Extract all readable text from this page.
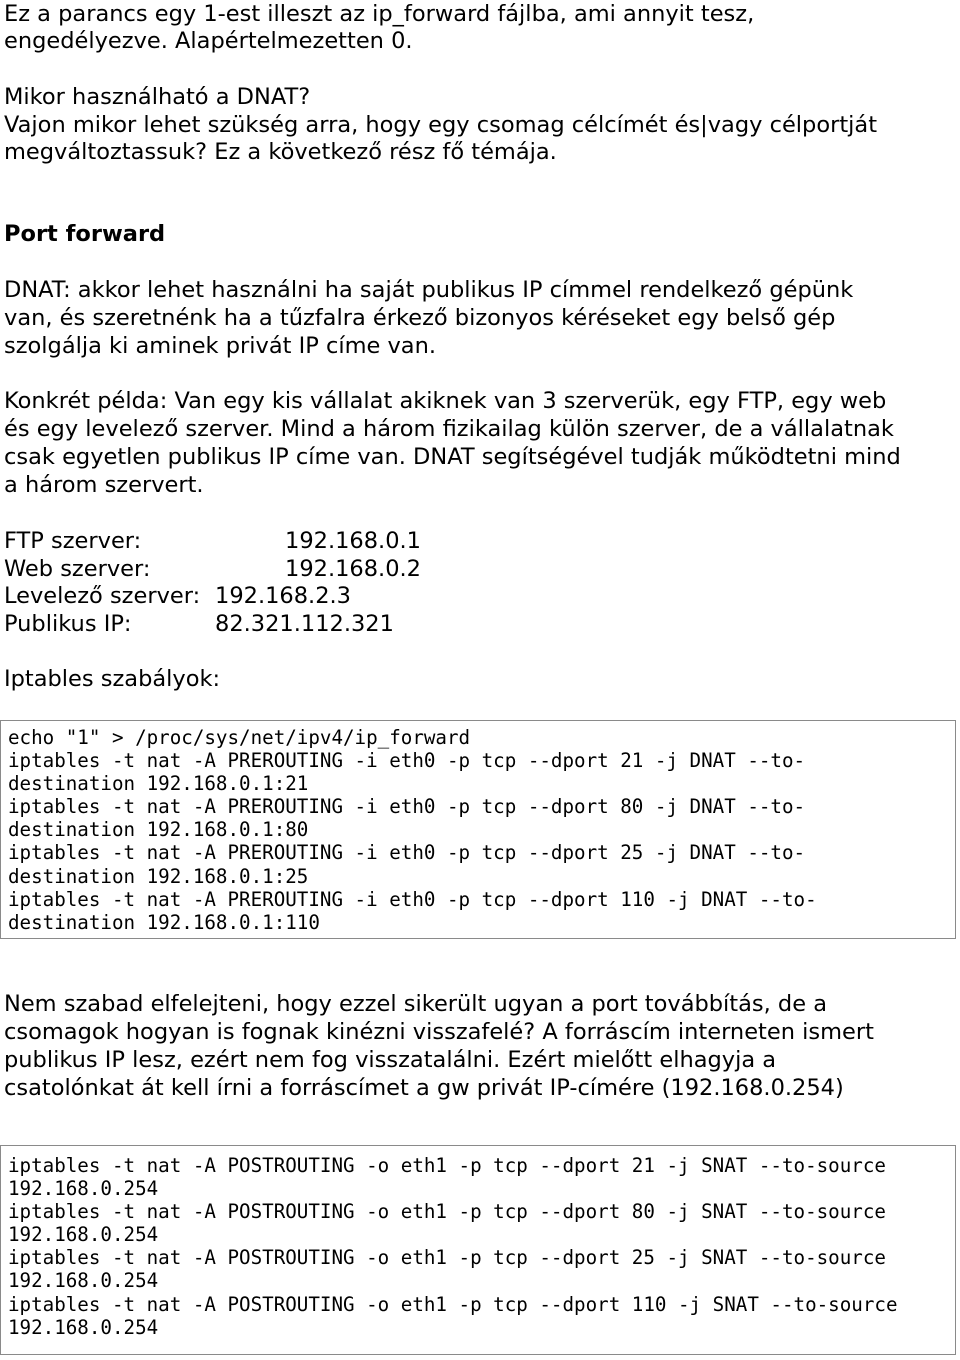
Ez a parancs egy 1-est illeszt az ip_forward fájlba, ami annyit tesz,
engedélyezve. Alapértelmezetten 0.
Mikor használható a DNAT?
Vajon mikor lehet szükség arra, hogy egy csomag célcímét és|vagy célportját
megváltoztassuk? Ez a következő rész fő témája.
Port forward
DNAT: akkor lehet használni ha saját publikus IP címmel rendelkező gépünk
van, és szeretnénk ha a tűzfalra érkező bizonyos kéréseket egy belső gép
szolgálja ki aminek privát IP címe van.
Konkrét példa: Van egy kis vállalat akiknek van 3 szerverük, egy FTP, egy web
és egy levelező szerver. Mind a három fizikailag külön szerver, de a vállalatnak
csak egyetlen publikus IP címe van. DNAT segítségével tudják működtetni mind
a három szervert.
FTP szerver:	192.168.0.1
Web szerver:	192.168.0.2
Levelező szerver: 192.168.2.3
Publikus IP:	82.321.112.321
Iptables szabályok:
echo "1" > /proc/sys/net/ipv4/ip_forward
iptables -t nat -A PREROUTING -i eth0 -p tcp --dport 21 -j DNAT --to-
destination 192.168.0.1:21
iptables -t nat -A PREROUTING -i eth0 -p tcp --dport 80 -j DNAT --to-
destination 192.168.0.1:80
iptables -t nat -A PREROUTING -i eth0 -p tcp --dport 25 -j DNAT --to-
destination 192.168.0.1:25
iptables -t nat -A PREROUTING -i eth0 -p tcp --dport 110 -j DNAT --to-
destination 192.168.0.1:110
Nem szabad elfelejteni, hogy ezzel sikerült ugyan a port továbbítás, de a
csomagok hogyan is fognak kinézni visszafelé? A forráscím interneten ismert
publikus IP lesz, ezért nem fog visszatalálni. Ezért mielőtt elhagyja a
csatolónkat át kell írni a forráscímet a gw privát IP-címére (192.168.0.254)
iptables -t nat -A POSTROUTING -o eth1 -p tcp --dport 21 -j SNAT --to-source
192.168.0.254
iptables -t nat -A POSTROUTING -o eth1 -p tcp --dport 80 -j SNAT --to-source
192.168.0.254
iptables -t nat -A POSTROUTING -o eth1 -p tcp --dport 25 -j SNAT --to-source
192.168.0.254
iptables -t nat -A POSTROUTING -o eth1 -p tcp --dport 110 -j SNAT --to-source
192.168.0.254
